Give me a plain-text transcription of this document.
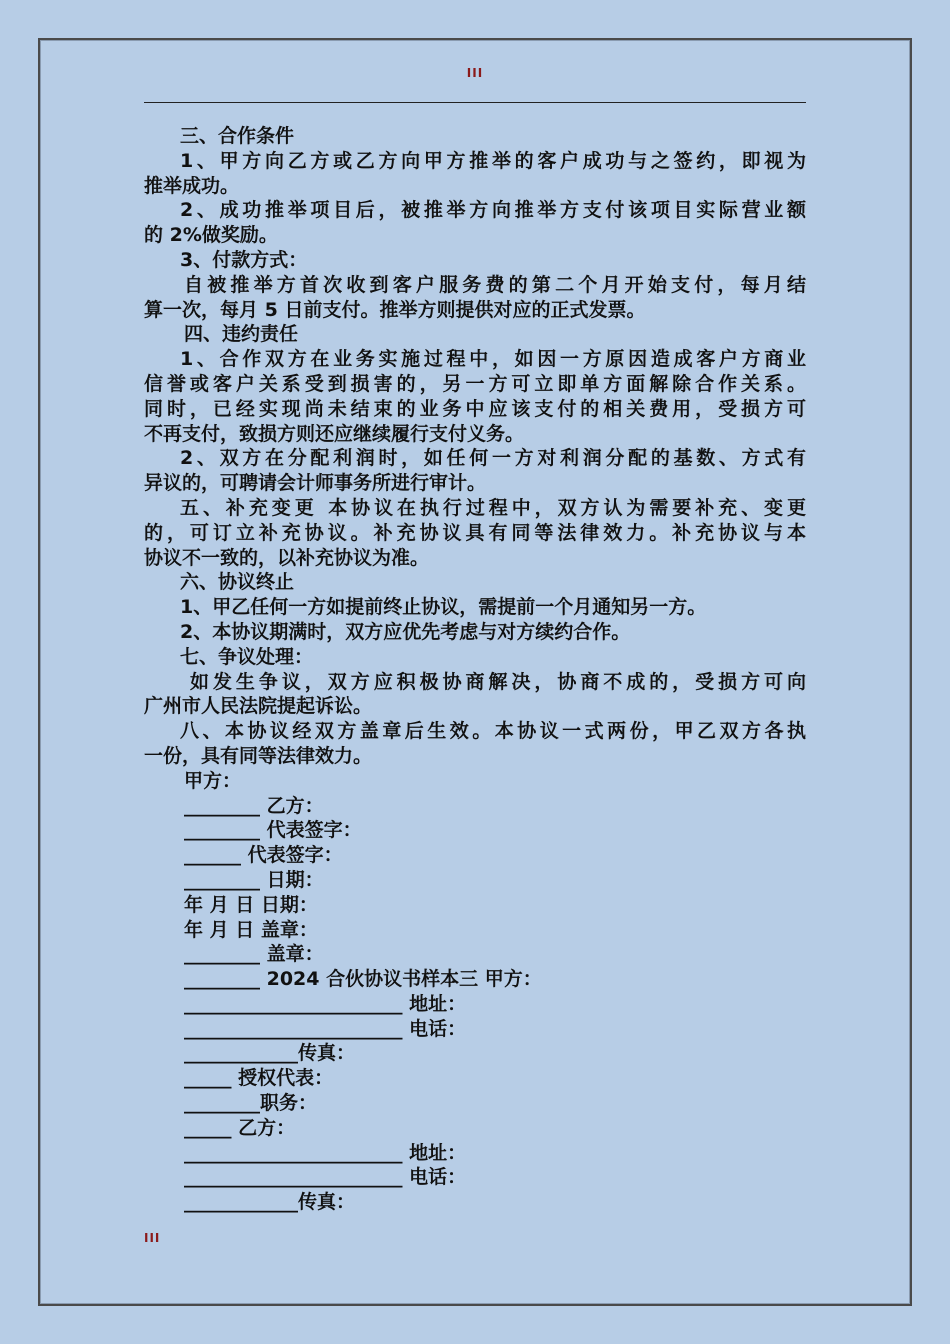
III
三、合作条件
1、甲方向乙方或乙方向甲方推举的客户成功与之签约，即视为
推举成功。
2、成功推举项目后，被推举方向推举方支付该项目实际营业额
的 2%做奖励。
3、付款方式：
自被推举方首次收到客户服务费的第二个月开始支付，每月结
算一次，每月 5 日前支付。推举方则提供对应的正式发票。
四、违约责任
1、合作双方在业务实施过程中，如因一方原因造成客户方商业
信誉或客户关系受到损害的，另一方可立即单方面解除合作关系。
同时，已经实现尚未结束的业务中应该支付的相关费用，受损方可
不再支付，致损方则还应继续履行支付义务。
2、双方在分配利润时，如任何一方对利润分配的基数、方式有
异议的，可聘请会计师事务所进行审计。
五、补充变更 本协议在执行过程中，双方认为需要补充、变更
的，可订立补充协议。补充协议具有同等法律效力。补充协议与本
协议不一致的，以补充协议为准。
六、协议终止
1、甲乙任何一方如提前终止协议，需提前一个月通知另一方。
2、本协议期满时，双方应优先考虑与对方续约合作。
七、争议处理：
如发生争议，双方应积极协商解决，协商不成的，受损方可向
广州市人民法院提起诉讼。
八、本协议经双方盖章后生效。本协议一式两份，甲乙双方各执
一份，具有同等法律效力。
甲方：
________ 乙方：
________ 代表签字：
______ 代表签字：
________ 日期：
年 月 日 日期：
年 月 日 盖章：
________ 盖章：
________ 2024 合伙协议书样本三 甲方：
_______________________ 地址：
_______________________ 电话：
____________传真：
_____ 授权代表：
________职务：
_____ 乙方：
_______________________ 地址：
_______________________ 电话：
____________传真：
III
